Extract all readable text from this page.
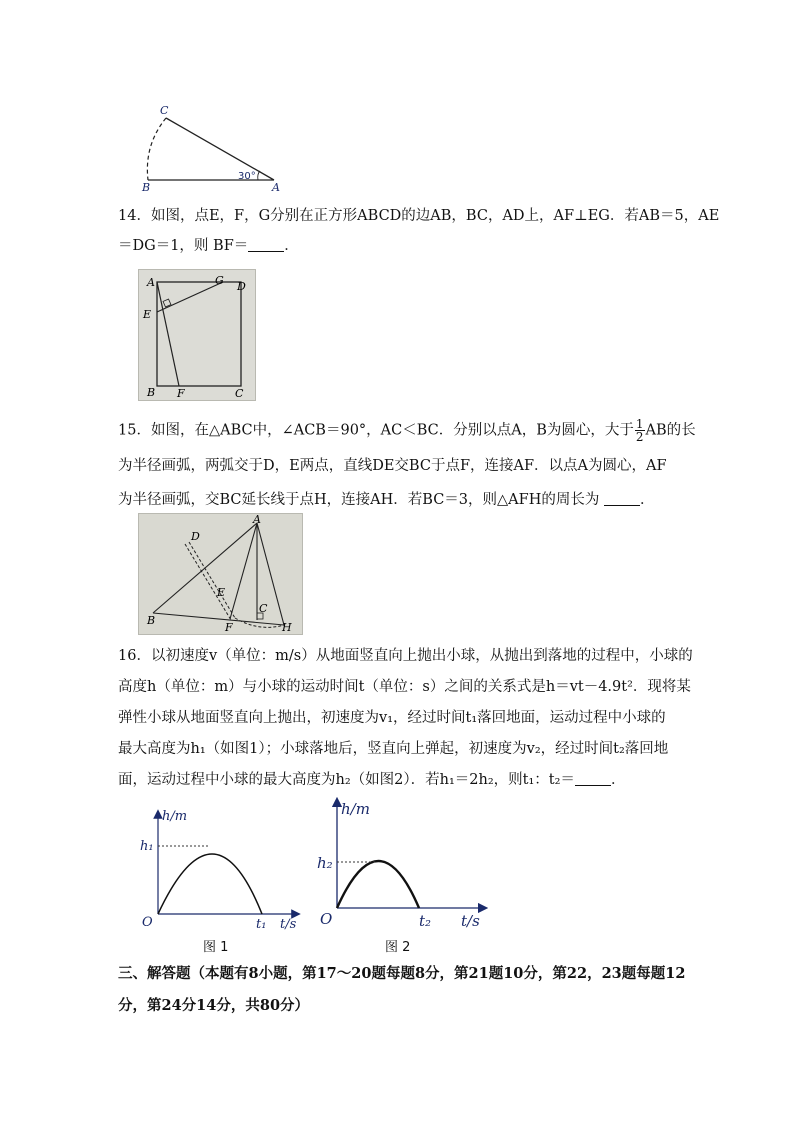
C
B	A
30°
14．如图，点E，F，G分别在正方形ABCD的边AB，BC，AD上，AF⊥EG．若AB＝5，AE
＝DG＝1，则 BF＝ ．
A	G D
E
B F	C
15．如图，在△ABC中，∠ACB＝90°，AC＜BC．分别以点A，B为圆心，大于 $\frac{1}{2}$ AB的长
为半径画弧，两弧交于D，E两点，直线DE交BC于点F，连接AF．以点A为圆心，AF
为半径画弧，交BC延长线于点H，连接AH．若BC＝3，则△AFH的周长为	．
A
D
E
B
F
C
H
16．以初速度v（单位：m/s）从地面竖直向上抛出小球，从抛出到落地的过程中，小球的
高度h（单位：m）与小球的运动时间t（单位：s）之间的关系式是h＝vt－4.9t²．现将某
弹性小球从地面竖直向上抛出，初速度为v₁，经过时间t₁落回地面，运动过程中小球的
最大高度为h₁（如图1）；小球落地后，竖直向上弹起，初速度为v₂，经过时间t₂落回地
面，运动过程中小球的最大高度为h₂（如图2）．若h₁＝2h₂，则t₁：t₂＝ ．
h/m
h₁
O	t₁ t/s
图 1
h/m
h₂
O	t₂ t/s
图 2
三、解答题（本题有8小题，第17～20题每题8分，第21题10分，第22，23题每题12
分，第24分14分，共80分）
